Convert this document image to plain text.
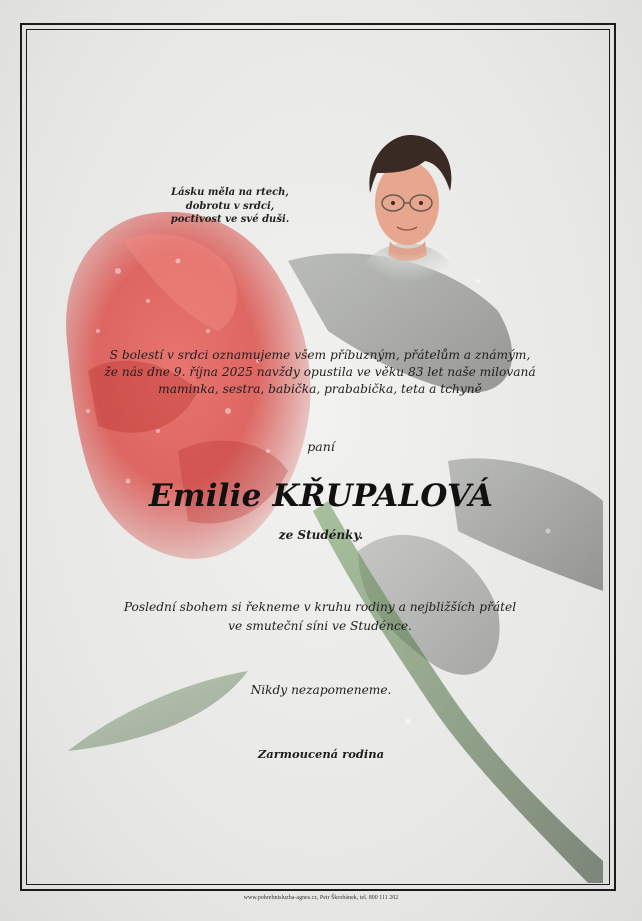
Lásku měla na rtech,
dobrotu v srdci,
poctivost ve své duši.
S bolestí v srdci oznamujeme všem příbuzným, přátelům a známým,
že nás dne 9. října 2025 navždy opustila ve věku 83 let naše milovaná
maminka, sestra, babička, prababička, teta a tchyně
paní
Emilie KŘUPALOVÁ
ze Studénky.
Poslední sbohem si řekneme v kruhu rodiny a nejbližších přátel
ve smuteční síni ve Studénce.
Nikdy nezapomeneme.
Zarmoucená rodina
www.pohrebnisluzba-agnes.cz, Petr Škrobánek, tel. 800 111 202
